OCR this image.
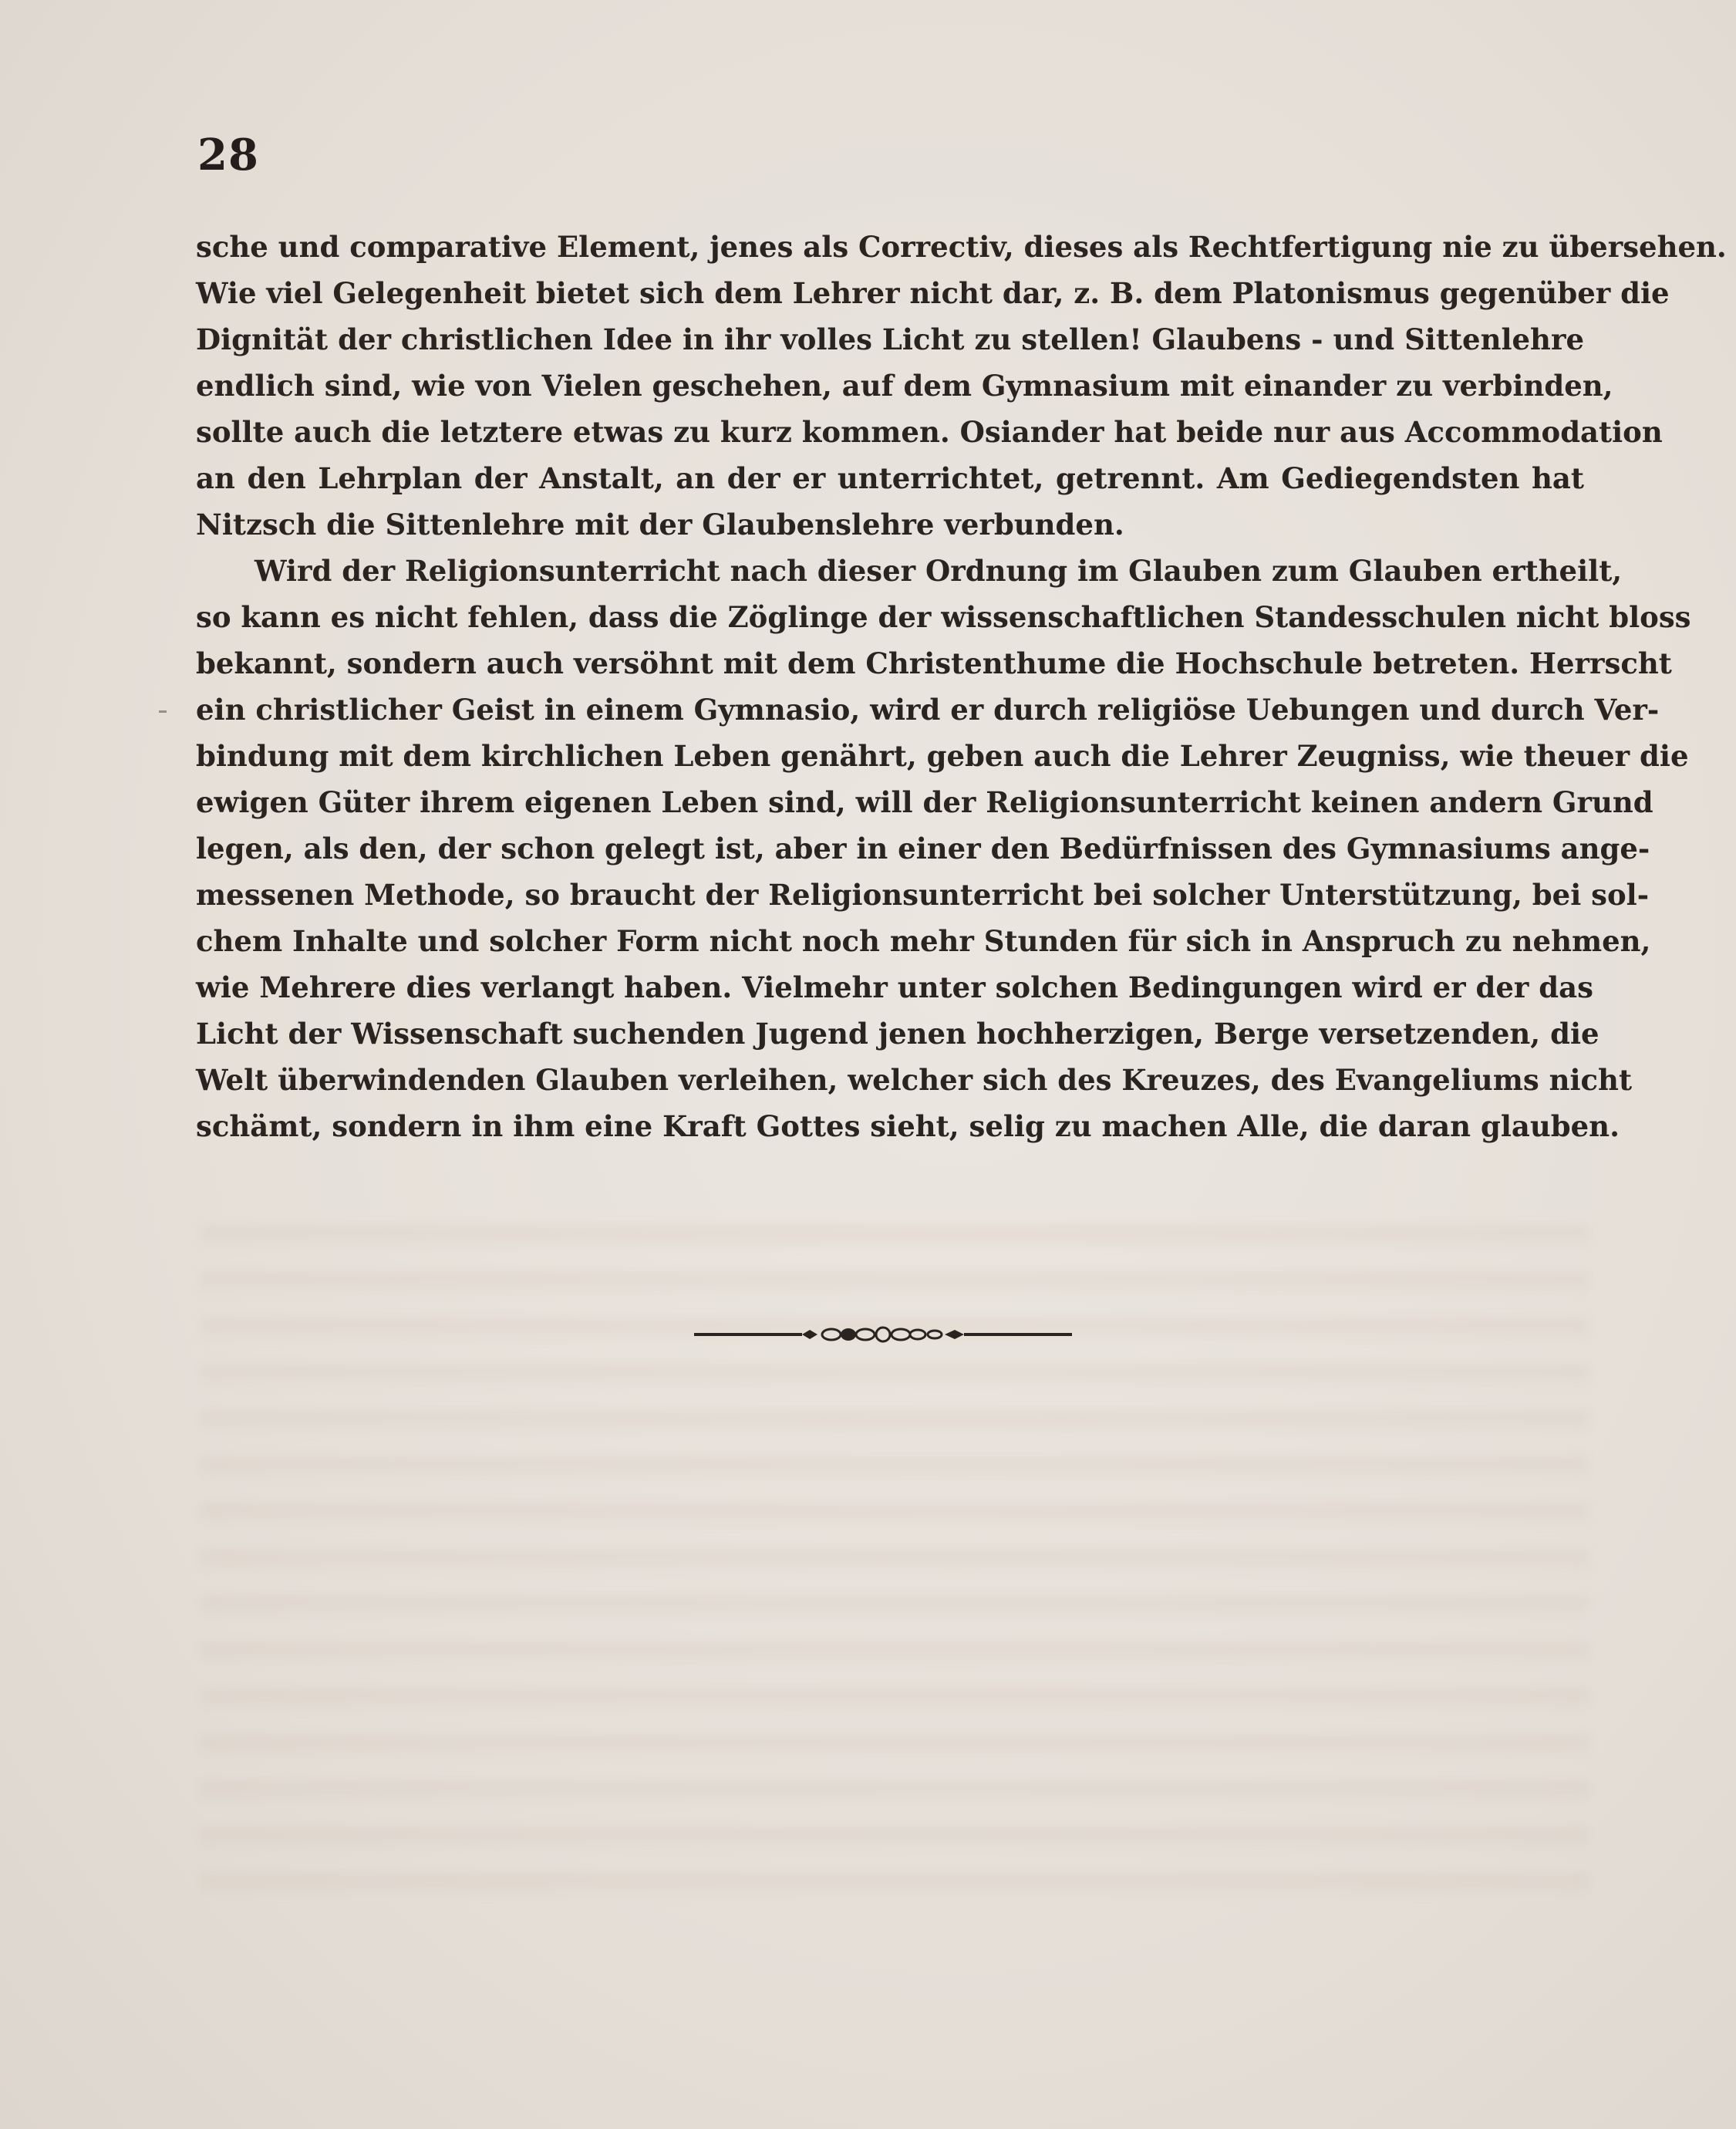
28
sche und comparative Element, jenes als Correctiv, dieses als Rechtfertigung nie zu übersehen.
Wie viel Gelegenheit bietet sich dem Lehrer nicht dar, z. B. dem Platonismus gegenüber die
Dignität der christlichen Idee in ihr volles Licht zu stellen! Glaubens - und Sittenlehre
endlich sind, wie von Vielen geschehen, auf dem Gymnasium mit einander zu verbinden,
sollte auch die letztere etwas zu kurz kommen. Osiander hat beide nur aus Accommodation
an den Lehrplan der Anstalt, an der er unterrichtet, getrennt. Am Gediegendsten hat
Nitzsch die Sittenlehre mit der Glaubenslehre verbunden.
Wird der Religionsunterricht nach dieser Ordnung im Glauben zum Glauben ertheilt,
so kann es nicht fehlen, dass die Zöglinge der wissenschaftlichen Standesschulen nicht bloss
bekannt, sondern auch versöhnt mit dem Christenthume die Hochschule betreten. Herrscht
ein christlicher Geist in einem Gymnasio, wird er durch religiöse Uebungen und durch Ver-
bindung mit dem kirchlichen Leben genährt, geben auch die Lehrer Zeugniss, wie theuer die
ewigen Güter ihrem eigenen Leben sind, will der Religionsunterricht keinen andern Grund
legen, als den, der schon gelegt ist, aber in einer den Bedürfnissen des Gymnasiums ange-
messenen Methode, so braucht der Religionsunterricht bei solcher Unterstützung, bei sol-
chem Inhalte und solcher Form nicht noch mehr Stunden für sich in Anspruch zu nehmen,
wie Mehrere dies verlangt haben. Vielmehr unter solchen Bedingungen wird er der das
Licht der Wissenschaft suchenden Jugend jenen hochherzigen, Berge versetzenden, die
Welt überwindenden Glauben verleihen, welcher sich des Kreuzes, des Evangeliums nicht
schämt, sondern in ihm eine Kraft Gottes sieht, selig zu machen Alle, die daran glauben.
